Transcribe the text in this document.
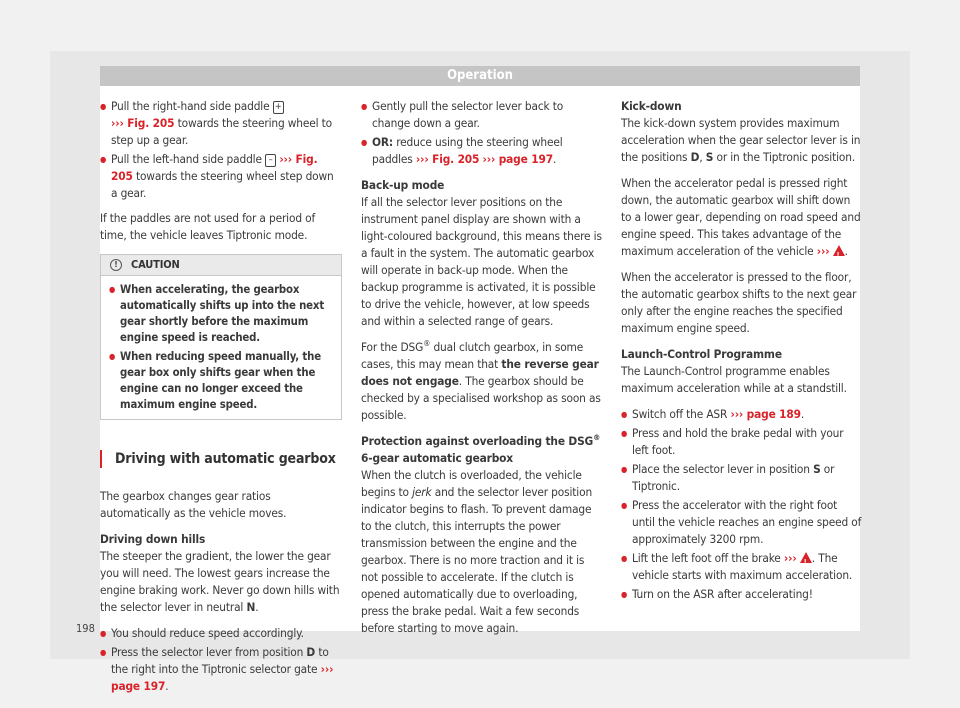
Operation

● Pull the right-hand side paddle +
››› Fig. 205 towards the steering wheel to step up a gear.

● Pull the left-hand side paddle – ››› Fig. 205 towards the steering wheel step down a gear.

If the paddles are not used for a period of time, the vehicle leaves Tiptronic mode.

!	CAUTION

● When accelerating, the gearbox automatically shifts up into the next gear shortly before the maximum engine speed is reached.

● When reducing speed manually, the gear box only shifts gear when the engine can no longer exceed the maximum engine speed.

Driving with automatic gearbox

The gearbox changes gear ratios automatically as the vehicle moves.

Driving down hills

The steeper the gradient, the lower the gear you will need. The lowest gears increase the engine braking work. Never go down hills with the selector lever in neutral N.

● You should reduce speed accordingly.

● Press the selector lever from position D to the right into the Tiptronic selector gate ››› page 197.

● Gently pull the selector lever back to change down a gear.

● OR: reduce using the steering wheel paddles ››› Fig. 205 ››› page 197.

Back-up mode

If all the selector lever positions on the instrument panel display are shown with a light-coloured background, this means there is a fault in the system. The automatic gearbox will operate in back-up mode. When the backup programme is activated, it is possible to drive the vehicle, however, at low speeds and within a selected range of gears.

For the DSG® dual clutch gearbox, in some cases, this may mean that the reverse gear does not engage. The gearbox should be checked by a specialised workshop as soon as possible.

Protection against overloading the DSG® 6-gear automatic gearbox

When the clutch is overloaded, the vehicle begins to jerk and the selector lever position indicator begins to flash. To prevent damage to the clutch, this interrupts the power transmission between the engine and the gearbox. There is no more traction and it is not possible to accelerate. If the clutch is opened automatically due to overloading, press the brake pedal. Wait a few seconds before starting to move again.

Kick-down

The kick-down system provides maximum acceleration when the gear selector lever is in the positions D, S or in the Tiptronic position.

When the accelerator pedal is pressed right down, the automatic gearbox will shift down to a lower gear, depending on road speed and engine speed. This takes advantage of the maximum acceleration of the vehicle ››› ! .

When the accelerator is pressed to the floor, the automatic gearbox shifts to the next gear only after the engine reaches the specified maximum engine speed.

Launch-Control Programme

The Launch-Control programme enables maximum acceleration while at a standstill.

● Switch off the ASR ››› page 189.

● Press and hold the brake pedal with your left foot.

● Place the selector lever in position S or Tiptronic.

● Press the accelerator with the right foot until the vehicle reaches an engine speed of approximately 3200 rpm.

● Lift the left foot off the brake ››› ! . The vehicle starts with maximum acceleration.

● Turn on the ASR after accelerating!

198
